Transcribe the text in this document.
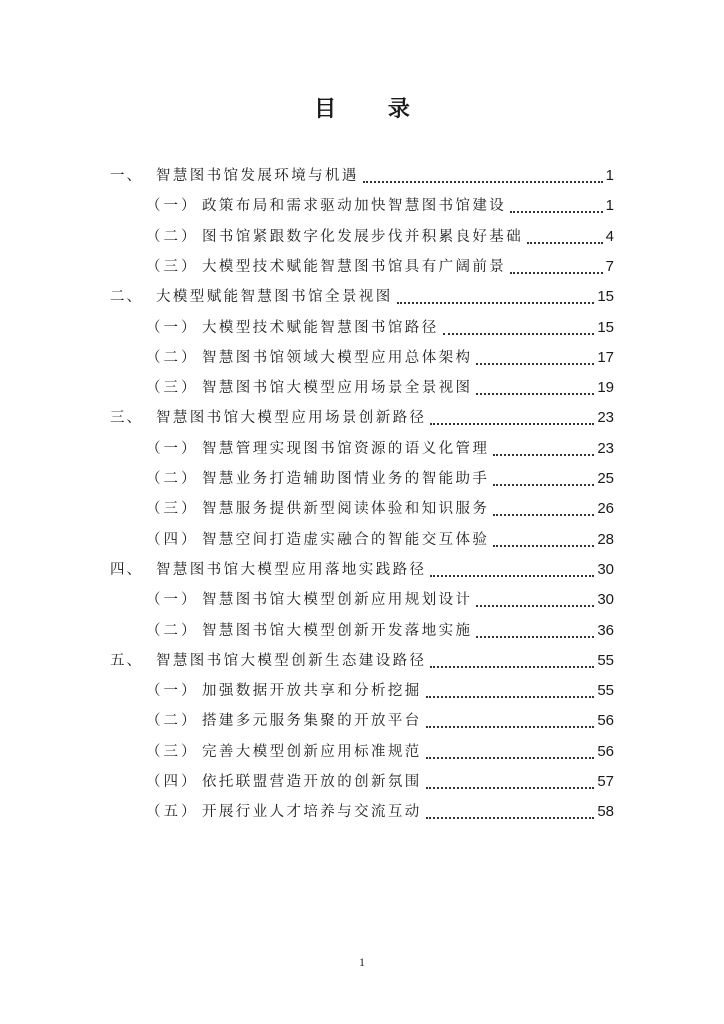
目 录
一、 智慧图书馆发展环境与机遇	1
（一） 政策布局和需求驱动加快智慧图书馆建设	1
（二） 图书馆紧跟数字化发展步伐并积累良好基础	4
（三） 大模型技术赋能智慧图书馆具有广阔前景	7
二、 大模型赋能智慧图书馆全景视图	15
（一） 大模型技术赋能智慧图书馆路径	15
（二） 智慧图书馆领域大模型应用总体架构	17
（三） 智慧图书馆大模型应用场景全景视图	19
三、 智慧图书馆大模型应用场景创新路径	23
（一） 智慧管理实现图书馆资源的语义化管理	23
（二） 智慧业务打造辅助图情业务的智能助手	25
（三） 智慧服务提供新型阅读体验和知识服务	26
（四） 智慧空间打造虚实融合的智能交互体验	28
四、 智慧图书馆大模型应用落地实践路径	30
（一） 智慧图书馆大模型创新应用规划设计	30
（二） 智慧图书馆大模型创新开发落地实施	36
五、 智慧图书馆大模型创新生态建设路径	55
（一） 加强数据开放共享和分析挖掘	55
（二） 搭建多元服务集聚的开放平台	56
（三） 完善大模型创新应用标准规范	56
（四） 依托联盟营造开放的创新氛围	57
（五） 开展行业人才培养与交流互动	58
1
